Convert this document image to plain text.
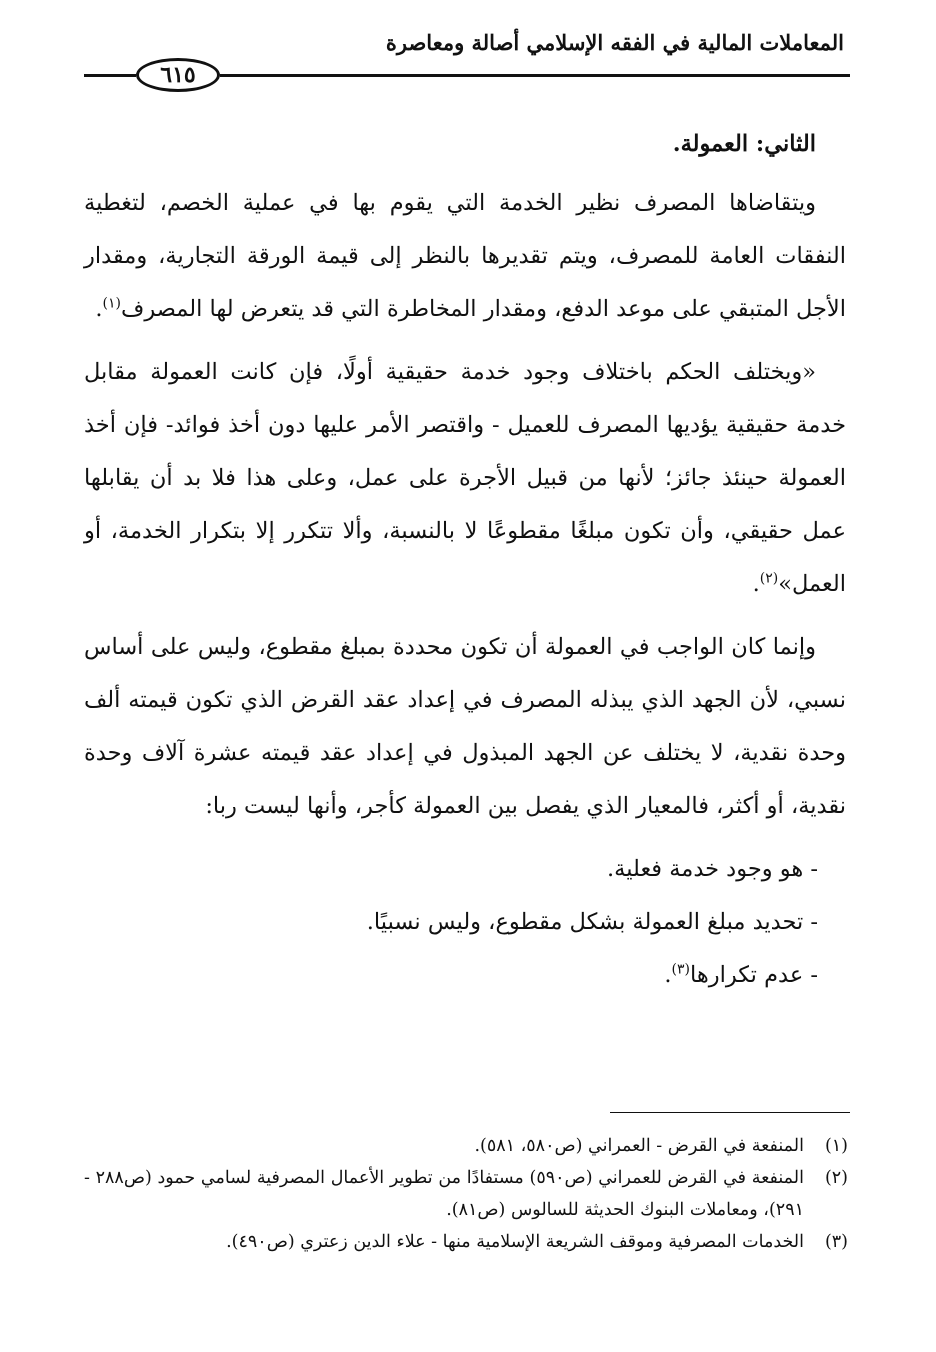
المعاملات المالية في الفقه الإسلامي أصالة ومعاصرة
٦١٥

الثاني: العمولة.

ويتقاضاها المصرف نظير الخدمة التي يقوم بها في عملية الخصم، لتغطية النفقات العامة للمصرف، ويتم تقديرها بالنظر إلى قيمة الورقة التجارية، ومقدار الأجل المتبقي على موعد الدفع، ومقدار المخاطرة التي قد يتعرض لها المصرف$^{(١)}$.

«ويختلف الحكم باختلاف وجود خدمة حقيقية أولًا، فإن كانت العمولة مقابل خدمة حقيقية يؤديها المصرف للعميل - واقتصر الأمر عليها دون أخذ فوائد- فإن أخذ العمولة حينئذ جائز؛ لأنها من قبيل الأجرة على عمل، وعلى هذا فلا بد أن يقابلها عمل حقيقي، وأن تكون مبلغًا مقطوعًا لا بالنسبة، وألا تتكرر إلا بتكرار الخدمة، أو العمل»$^{(٢)}$.

وإنما كان الواجب في العمولة أن تكون محددة بمبلغ مقطوع، وليس على أساس نسبي، لأن الجهد الذي يبذله المصرف في إعداد عقد القرض الذي تكون قيمته ألف وحدة نقدية، لا يختلف عن الجهد المبذول في إعداد عقد قيمته عشرة آلاف وحدة نقدية، أو أكثر، فالمعيار الذي يفصل بين العمولة كأجر، وأنها ليست ربا:

- هو وجود خدمة فعلية.
- تحديد مبلغ العمولة بشكل مقطوع، وليس نسبيًا.
- عدم تكرارها$^{(٣)}$.
(١)
المنفعة في القرض - العمراني (ص٥٨٠، ٥٨١).
(٢)
المنفعة في القرض للعمراني (ص٥٩٠) مستفادًا من تطوير الأعمال المصرفية لسامي حمود (ص٢٨٨ - ٢٩١)، ومعاملات البنوك الحديثة للسالوس (ص٨١).
(٣)
الخدمات المصرفية وموقف الشريعة الإسلامية منها - علاء الدين زعتري (ص٤٩٠).
